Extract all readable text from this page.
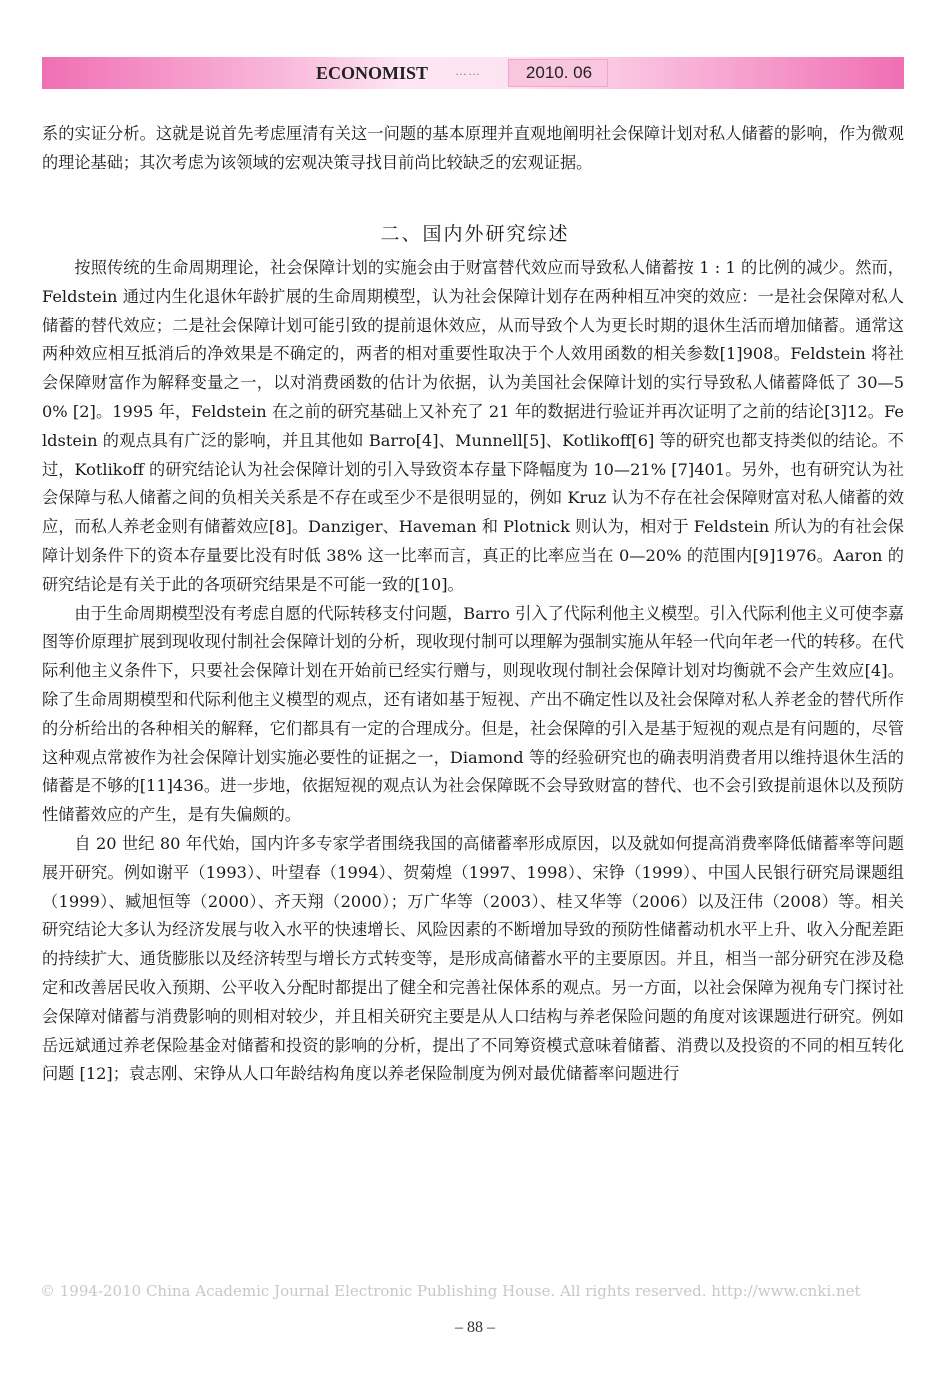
ECONOMIST ……	2010. 06

系的实证分析。这就是说首先考虑厘清有关这一问题的基本原理并直观地阐明社会保障计划对私人储蓄的影响，作为微观的理论基础；其次考虑为该领域的宏观决策寻找目前尚比较缺乏的宏观证据。

二、国内外研究综述

按照传统的生命周期理论，社会保障计划的实施会由于财富替代效应而导致私人储蓄按 1 : 1 的比例的减少。然而，Feldstein 通过内生化退休年龄扩展的生命周期模型，认为社会保障计划存在两种相互冲突的效应：一是社会保障对私人储蓄的替代效应；二是社会保障计划可能引致的提前退休效应，从而导致个人为更长时期的退休生活而增加储蓄。通常这两种效应相互抵消后的净效果是不确定的，两者的相对重要性取决于个人效用函数的相关参数[1]908。Feldstein 将社会保障财富作为解释变量之一，以对消费函数的估计为依据，认为美国社会保障计划的实行导致私人储蓄降低了 30—50% [2]。1995 年，Feldstein 在之前的研究基础上又补充了 21 年的数据进行验证并再次证明了之前的结论[3]12。Feldstein 的观点具有广泛的影响，并且其他如 Barro[4]、Munnell[5]、Kotlikoff[6] 等的研究也都支持类似的结论。不过，Kotlikoff 的研究结论认为社会保障计划的引入导致资本存量下降幅度为 10—21% [7]401。另外，也有研究认为社会保障与私人储蓄之间的负相关关系是不存在或至少不是很明显的，例如 Kruz 认为不存在社会保障财富对私人储蓄的效应，而私人养老金则有储蓄效应[8]。Danziger、Haveman 和 Plotnick 则认为，相对于 Feldstein 所认为的有社会保障计划条件下的资本存量要比没有时低 38% 这一比率而言，真正的比率应当在 0—20% 的范围内[9]1976。Aaron 的研究结论是有关于此的各项研究结果是不可能一致的[10]。

由于生命周期模型没有考虑自愿的代际转移支付问题，Barro 引入了代际利他主义模型。引入代际利他主义可使李嘉图等价原理扩展到现收现付制社会保障计划的分析，现收现付制可以理解为强制实施从年轻一代向年老一代的转移。在代际利他主义条件下，只要社会保障计划在开始前已经实行赠与，则现收现付制社会保障计划对均衡就不会产生效应[4]。除了生命周期模型和代际利他主义模型的观点，还有诸如基于短视、产出不确定性以及社会保障对私人养老金的替代所作的分析给出的各种相关的解释，它们都具有一定的合理成分。但是，社会保障的引入是基于短视的观点是有问题的，尽管这种观点常被作为社会保障计划实施必要性的证据之一，Diamond 等的经验研究也的确表明消费者用以维持退休生活的储蓄是不够的[11]436。进一步地，依据短视的观点认为社会保障既不会导致财富的替代、也不会引致提前退休以及预防性储蓄效应的产生，是有失偏颇的。

自 20 世纪 80 年代始，国内许多专家学者围绕我国的高储蓄率形成原因，以及就如何提高消费率降低储蓄率等问题展开研究。例如谢平（1993）、叶望春（1994）、贺菊煌（1997、1998）、宋铮（1999）、中国人民银行研究局课题组（1999）、臧旭恒等（2000）、齐天翔（2000）；万广华等（2003）、桂又华等（2006）以及汪伟（2008）等。相关研究结论大多认为经济发展与收入水平的快速增长、风险因素的不断增加导致的预防性储蓄动机水平上升、收入分配差距的持续扩大、通货膨胀以及经济转型与增长方式转变等，是形成高储蓄水平的主要原因。并且，相当一部分研究在涉及稳定和改善居民收入预期、公平收入分配时都提出了健全和完善社保体系的观点。另一方面，以社会保障为视角专门探讨社会保障对储蓄与消费影响的则相对较少，并且相关研究主要是从人口结构与养老保险问题的角度对该课题进行研究。例如岳远斌通过养老保险基金对储蓄和投资的影响的分析，提出了不同筹资模式意味着储蓄、消费以及投资的不同的相互转化问题 [12]；袁志刚、宋铮从人口年龄结构角度以养老保险制度为例对最优储蓄率问题进行

© 1994-2010 China Academic Journal Electronic Publishing House. All rights reserved. http://www.cnki.net
– 88 –
